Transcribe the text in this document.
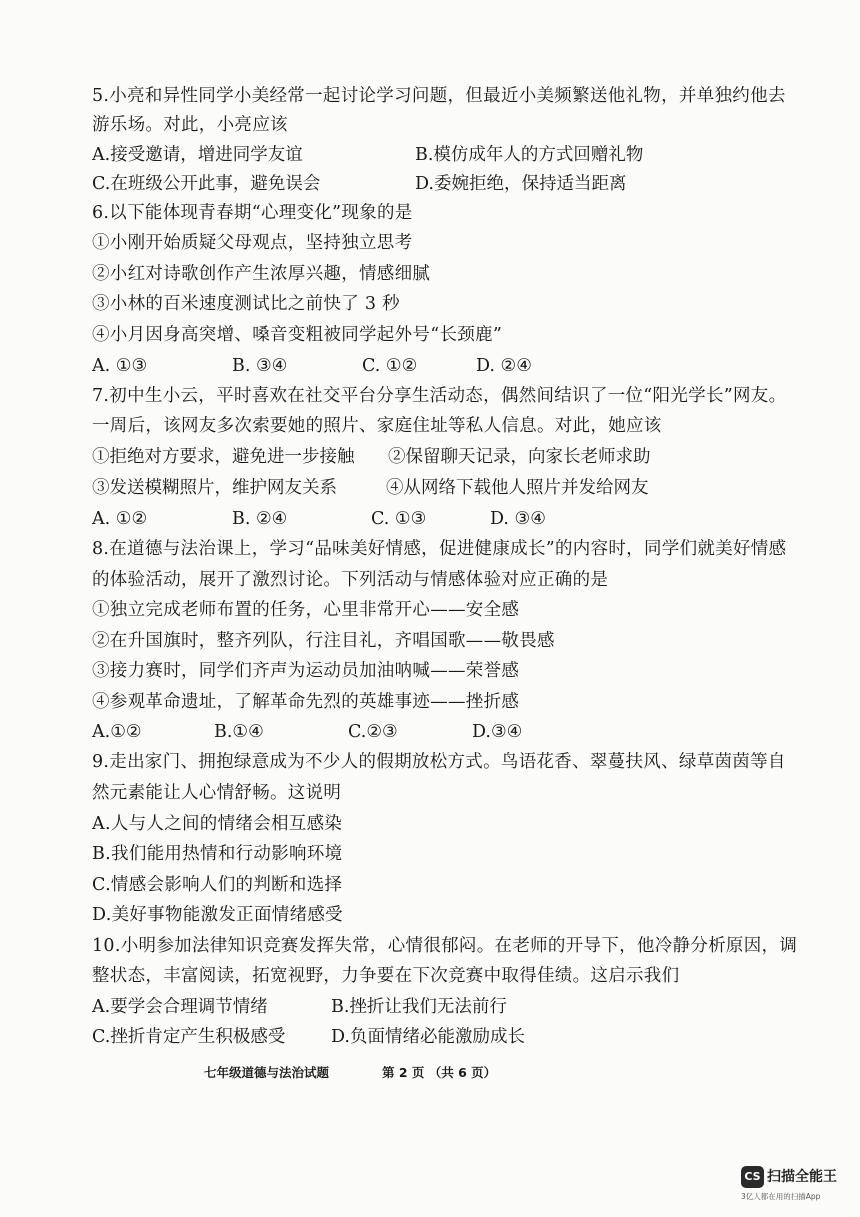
5.小亮和异性同学小美经常一起讨论学习问题，但最近小美频繁送他礼物，并单独约他去
游乐场。对此，小亮应该
A.接受邀请，增进同学友谊	B.模仿成年人的方式回赠礼物
C.在班级公开此事，避免误会	D.委婉拒绝，保持适当距离
6.以下能体现青春期“心理变化”现象的是
①小刚开始质疑父母观点，坚持独立思考
②小红对诗歌创作产生浓厚兴趣，情感细腻
③小林的百米速度测试比之前快了 3 秒
④小月因身高突增、嗓音变粗被同学起外号“长颈鹿”
A. ①③	B. ③④	C. ①②	D. ②④
7.初中生小云，平时喜欢在社交平台分享生活动态，偶然间结识了一位“阳光学长”网友。
一周后，该网友多次索要她的照片、家庭住址等私人信息。对此，她应该
①拒绝对方要求，避免进一步接触 ②保留聊天记录，向家长老师求助
③发送模糊照片，维护网友关系	④从网络下载他人照片并发给网友
A. ①②	B. ②④	C. ①③	D. ③④
8.在道德与法治课上，学习“品味美好情感，促进健康成长”的内容时，同学们就美好情感
的体验活动，展开了激烈讨论。下列活动与情感体验对应正确的是
①独立完成老师布置的任务，心里非常开心——安全感
②在升国旗时，整齐列队，行注目礼，齐唱国歌——敬畏感
③接力赛时，同学们齐声为运动员加油呐喊——荣誉感
④参观革命遗址，了解革命先烈的英雄事迹——挫折感
A.①②	B.①④	C.②③	D.③④
9.走出家门、拥抱绿意成为不少人的假期放松方式。鸟语花香、翠蔓扶风、绿草茵茵等自
然元素能让人心情舒畅。这说明
A.人与人之间的情绪会相互感染
B.我们能用热情和行动影响环境
C.情感会影响人们的判断和选择
D.美好事物能激发正面情绪感受
10.小明参加法律知识竞赛发挥失常，心情很郁闷。在老师的开导下，他冷静分析原因，调
整状态，丰富阅读，拓宽视野，力争要在下次竞赛中取得佳绩。这启示我们
A.要学会合理调节情绪	B.挫折让我们无法前行
C.挫折肯定产生积极感受	D.负面情绪必能激励成长
七年级道德与法治试题	第 2 页 （共 6 页）
CS 扫描全能王
3亿人都在用的扫描App
